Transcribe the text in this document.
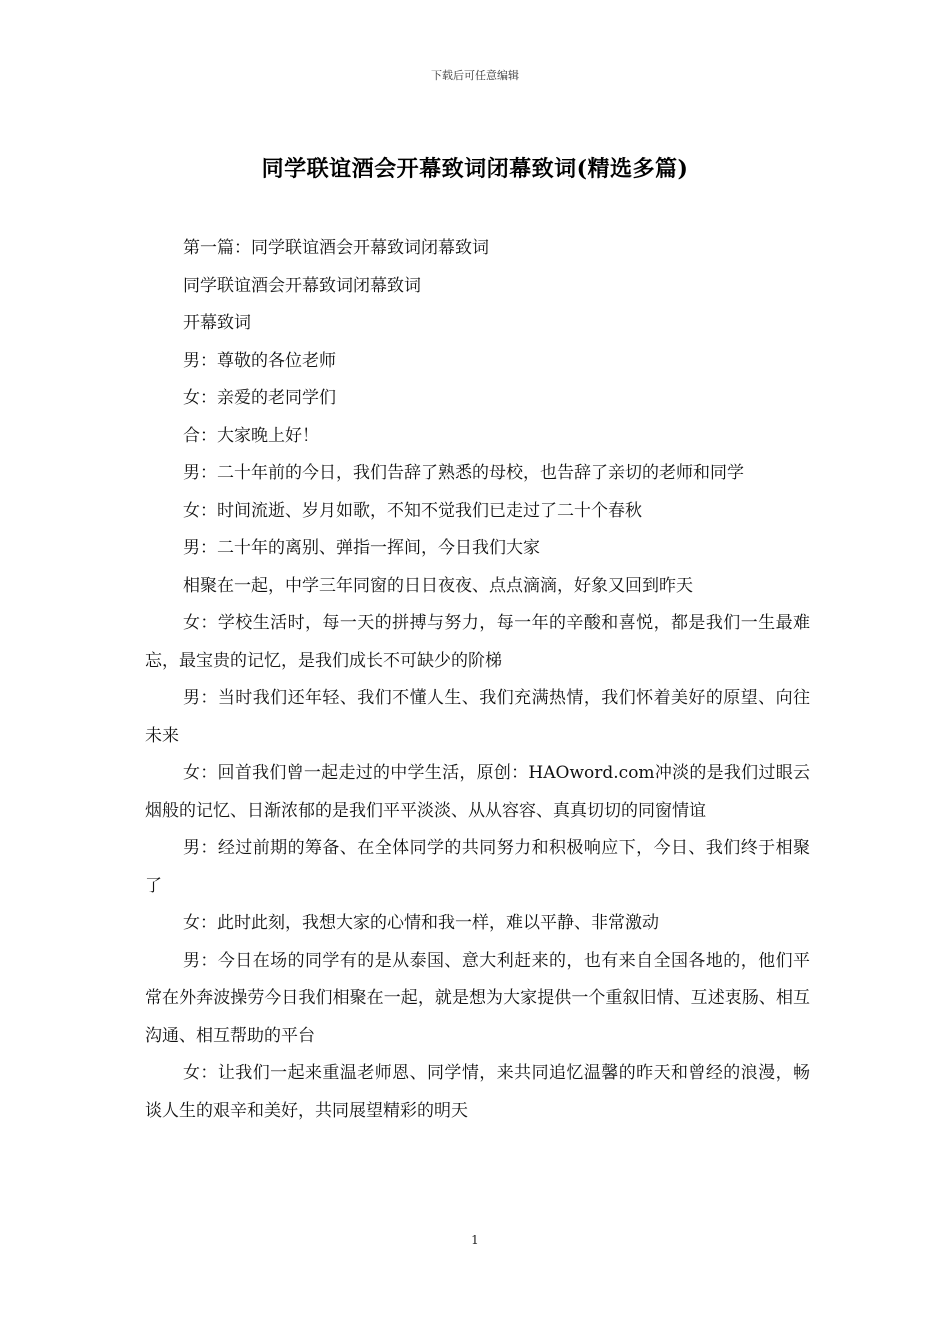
下载后可任意编辑
同学联谊酒会开幕致词闭幕致词(精选多篇)

第一篇：同学联谊酒会开幕致词闭幕致词

同学联谊酒会开幕致词闭幕致词

开幕致词

男：尊敬的各位老师

女：亲爱的老同学们

合：大家晚上好！

男：二十年前的今日，我们告辞了熟悉的母校，也告辞了亲切的老师和同学

女：时间流逝、岁月如歌，不知不觉我们已走过了二十个春秋

男：二十年的离别、弹指一挥间，今日我们大家

相聚在一起，中学三年同窗的日日夜夜、点点滴滴，好象又回到昨天

女：学校生活时，每一天的拼搏与努力，每一年的辛酸和喜悦，都是我们一生最难忘，最宝贵的记忆，是我们成长不可缺少的阶梯

男：当时我们还年轻、我们不懂人生、我们充满热情，我们怀着美好的原望、向往未来

女：回首我们曾一起走过的中学生活，原创：HAOword.com冲淡的是我们过眼云烟般的记忆、日渐浓郁的是我们平平淡淡、从从容容、真真切切的同窗情谊

男：经过前期的筹备、在全体同学的共同努力和积极响应下，今日、我们终于相聚了

女：此时此刻，我想大家的心情和我一样，难以平静、非常激动

男：今日在场的同学有的是从泰国、意大利赶来的，也有来自全国各地的，他们平常在外奔波操劳今日我们相聚在一起，就是想为大家提供一个重叙旧情、互述衷肠、相互沟通、相互帮助的平台

女：让我们一起来重温老师恩、同学情，来共同追忆温馨的昨天和曾经的浪漫，畅谈人生的艰辛和美好，共同展望精彩的明天

1
